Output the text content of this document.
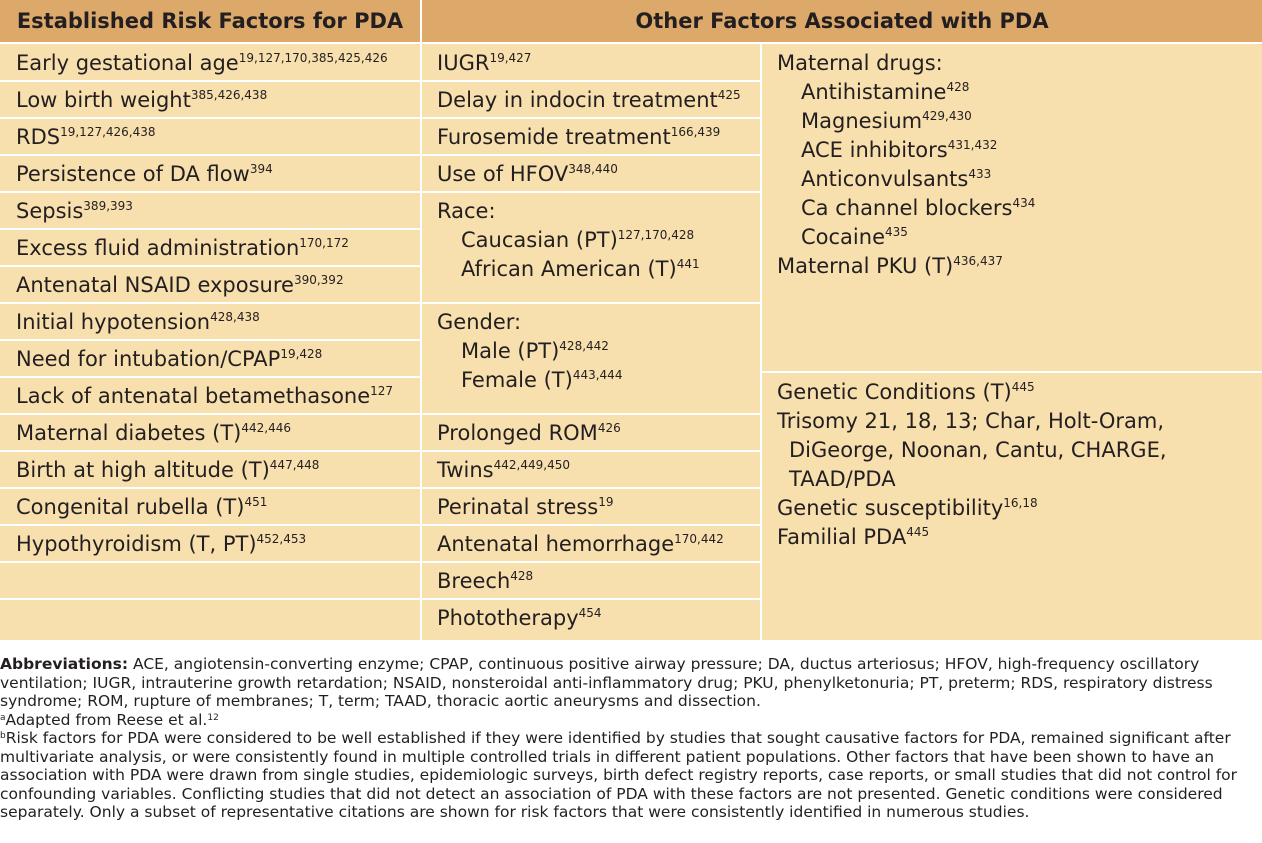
Established Risk Factors for PDA	Other Factors Associated with PDA
Early gestational age$^{19,127,170,385,425,426}$
Low birth weight$^{385,426,438}$
RDS$^{19,127,426,438}$
Persistence of DA flow$^{394}$
Sepsis$^{389,393}$
Excess fluid administration$^{170,172}$
Antenatal NSAID exposure$^{390,392}$
Initial hypotension$^{428,438}$
Need for intubation/CPAP$^{19,428}$
Lack of antenatal betamethasone$^{127}$
Maternal diabetes $(T)^{442,446}$
Birth at high altitude $(T)^{447,448}$
Congenital rubella $(T)^{451}$
Hypothyroidism (T, PT)$^{452,453}$
IUGR$^{19,427}$
Delay in indocin treatment$^{425}$
Furosemide treatment$^{166,439}$
Use of HFOV$^{348,440}$
Race:
Caucasian (PT)$^{127,170,428}$
African American $(T)^{441}$
Gender:
Male (PT)$^{428,442}$
Female $(T)^{443,444}$
Prolonged ROM$^{426}$
Twins$^{442,449,450}$
Perinatal stress$^{19}$
Antenatal hemorrhage$^{170,442}$
Breech$^{428}$
Phototherapy$^{454}$
Maternal drugs:
Antihistamine$^{428}$
Magnesium$^{429,430}$
ACE inhibitors$^{431,432}$
Anticonvulsants$^{433}$
Ca channel blockers$^{434}$
Cocaine$^{435}$
Maternal PKU $(T)^{436,437}$
Genetic Conditions $(T)^{445}$
Trisomy 21, 18, 13; Char, Holt-Oram,
DiGeorge, Noonan, Cantu, CHARGE,
TAAD/PDA
Genetic susceptibility$^{16,18}$
Familial PDA$^{445}$

Abbreviations: ACE, angiotensin-converting enzyme; CPAP, continuous positive airway pressure; DA, ductus arteriosus; HFOV, high-frequency oscillatory ventilation; IUGR, intrauterine growth retardation; NSAID, nonsteroidal anti-inflammatory drug; PKU, phenylketonuria; PT, preterm; RDS, respiratory distress syndrome; ROM, rupture of membranes; T, term; TAAD, thoracic aortic aneurysms and dissection.

$^a$Adapted from Reese et al.$^{12}$

$^b$Risk factors for PDA were considered to be well established if they were identified by studies that sought causative factors for PDA, remained significant after multivariate analysis, or were consistently found in multiple controlled trials in different patient populations. Other factors that have been shown to have an association with PDA were drawn from single studies, epidemiologic surveys, birth defect registry reports, case reports, or small studies that did not control for confounding variables. Conflicting studies that did not detect an association of PDA with these factors are not presented. Genetic conditions were considered separately. Only a subset of representative citations are shown for risk factors that were consistently identified in numerous studies.
